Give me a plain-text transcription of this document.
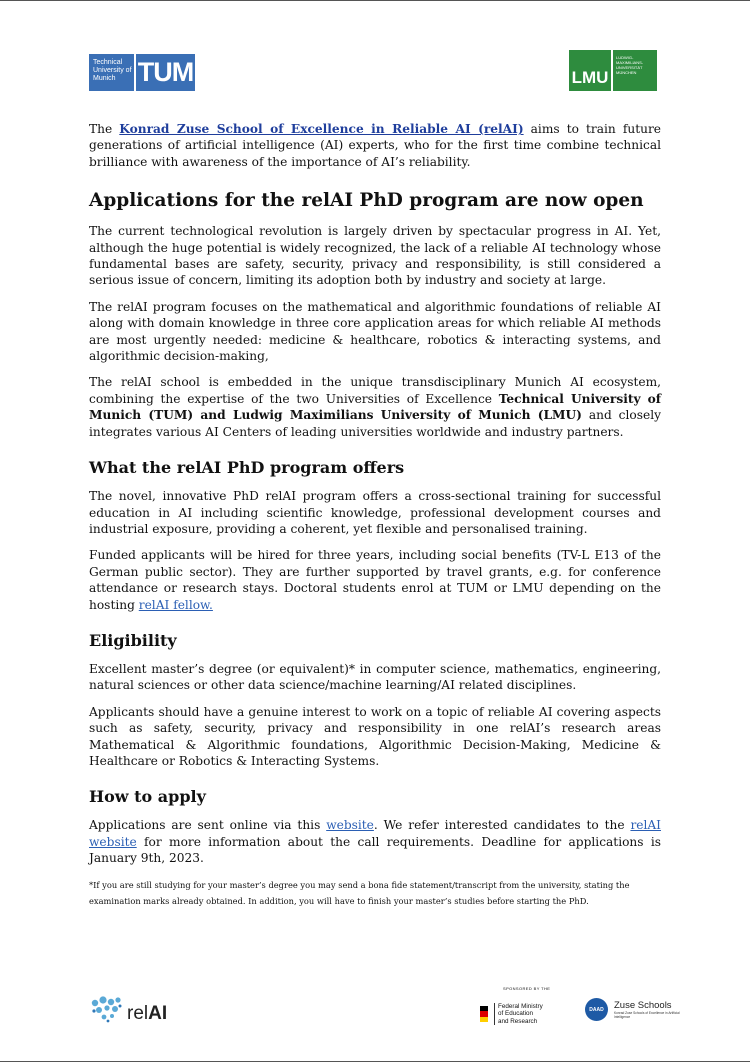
Technical University of Munich TUM	LMU
LUDWIG- MAXIMILIANS- UNIVERSITÄT MÜNCHEN

The Konrad Zuse School of Excellence in Reliable AI (relAI) aims to train future generations of artificial intelligence (AI) experts, who for the first time combine technical brilliance with awareness of the importance of AI’s reliability.

Applications for the relAI PhD program are now open

The current technological revolution is largely driven by spectacular progress in AI. Yet, although the huge potential is widely recognized, the lack of a reliable AI technology whose fundamental bases are safety, security, privacy and responsibility, is still considered a serious issue of concern, limiting its adoption both by industry and society at large.

The relAI program focuses on the mathematical and algorithmic foundations of reliable AI along with domain knowledge in three core application areas for which reliable AI methods are most urgently needed: medicine & healthcare, robotics & interacting systems, and algorithmic decision-making,

The relAI school is embedded in the unique transdisciplinary Munich AI ecosystem, combining the expertise of the two Universities of Excellence Technical University of Munich (TUM) and Ludwig Maximilians University of Munich (LMU) and closely integrates various AI Centers of leading universities worldwide and industry partners.

What the relAI PhD program offers

The novel, innovative PhD relAI program offers a cross-sectional training for successful education in AI including scientific knowledge, professional development courses and industrial exposure, providing a coherent, yet flexible and personalised training.

Funded applicants will be hired for three years, including social benefits (TV-L E13 of the German public sector). They are further supported by travel grants, e.g. for conference attendance or research stays. Doctoral students enrol at TUM or LMU depending on the hosting relAI fellow.

Eligibility

Excellent master’s degree (or equivalent)* in computer science, mathematics, engineering, natural sciences or other data science/machine learning/AI related disciplines.

Applicants should have a genuine interest to work on a topic of reliable AI covering aspects such as safety, security, privacy and responsibility in one relAI’s research areas Mathematical & Algorithmic foundations, Algorithmic Decision-Making, Medicine & Healthcare or Robotics & Interacting Systems.

How to apply

Applications are sent online via this website. We refer interested candidates to the relAI website for more information about the call requirements. Deadline for applications is January 9th, 2023.

*If you are still studying for your master’s degree you may send a bona fide statement/transcript from the university, stating the examination marks already obtained. In addition, you will have to finish your master’s studies before starting the PhD.
relAI
SPONSORED BY THE
Federal Ministry
of Education
and Research
DAAD	Zuse Schools
Konrad Zuse Schools of Excellence in Artificial Intelligence
